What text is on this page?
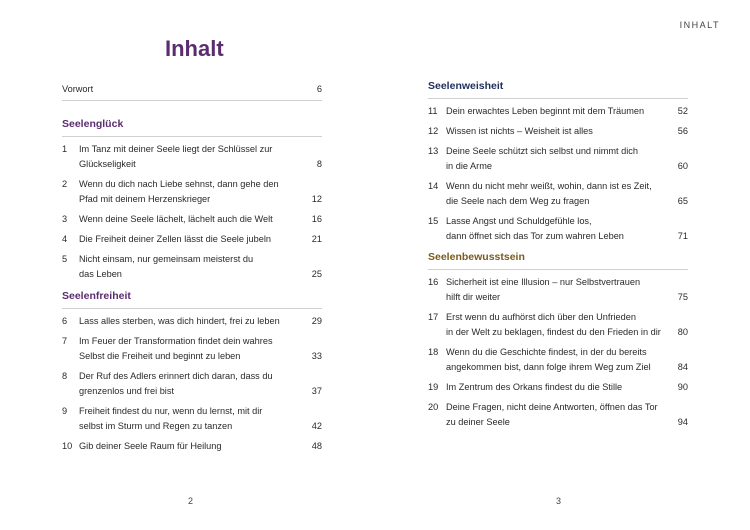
Inhalt
Vorwort	6
Seelenglück
1	Im Tanz mit deiner Seele liegt der Schlüssel zur
Glückseligkeit	8
2	Wenn du dich nach Liebe sehnst, dann gehe den
Pfad mit deinem Herzenskrieger	12
3	Wenn deine Seele lächelt, lächelt auch die Welt	16
4	Die Freiheit deiner Zellen lässt die Seele jubeln	21
5	Nicht einsam, nur gemeinsam meisterst du
das Leben	25
Seelenfreiheit
6	Lass alles sterben, was dich hindert, frei zu leben	29
7	Im Feuer der Transformation findet dein wahres
Selbst die Freiheit und beginnt zu leben	33
8	Der Ruf des Adlers erinnert dich daran, dass du
grenzenlos und frei bist	37
9	Freiheit findest du nur, wenn du lernst, mit dir
selbst im Sturm und Regen zu tanzen	42
10 Gib deiner Seele Raum für Heilung	48
2
INHALT
Seelenweisheit
11 Dein erwachtes Leben beginnt mit dem Träumen	52
12 Wissen ist nichts – Weisheit ist alles	56
13 Deine Seele schützt sich selbst und nimmt dich
in die Arme	60
14 Wenn du nicht mehr weißt, wohin, dann ist es Zeit,
die Seele nach dem Weg zu fragen	65
15 Lasse Angst und Schuldgefühle los,
dann öffnet sich das Tor zum wahren Leben	71
Seelenbewusstsein
16 Sicherheit ist eine Illusion – nur Selbstvertrauen
hilft dir weiter	75
17 Erst wenn du aufhörst dich über den Unfrieden
in der Welt zu beklagen, findest du den Frieden in dir 80
18 Wenn du die Geschichte findest, in der du bereits
angekommen bist, dann folge ihrem Weg zum Ziel	84
19 Im Zentrum des Orkans findest du die Stille	90
20 Deine Fragen, nicht deine Antworten, öffnen das Tor
zu deiner Seele	94
3
